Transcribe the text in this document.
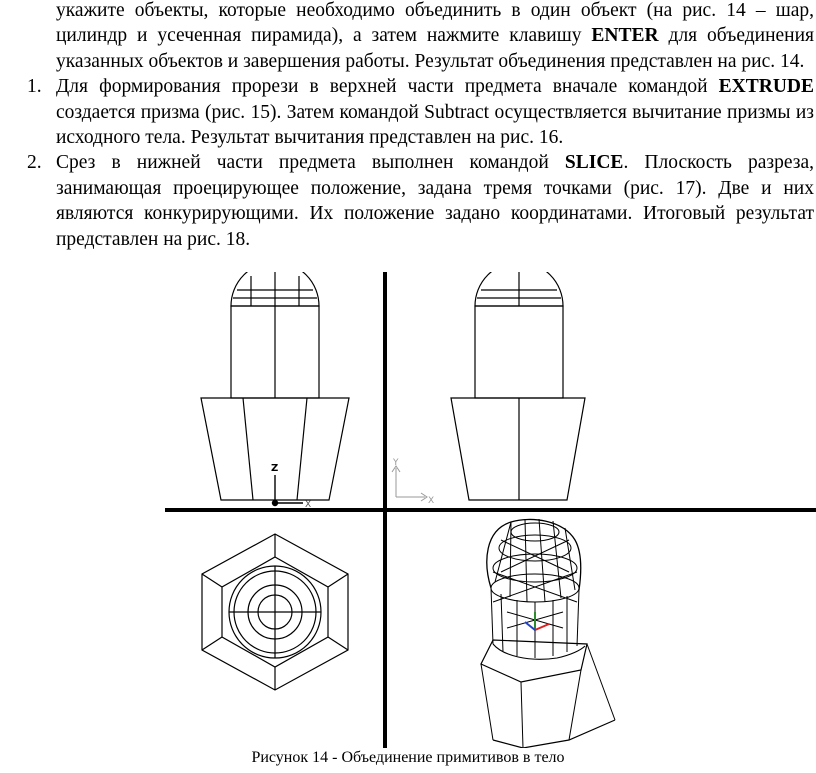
укажите объекты, которые необходимо объединить в один объект (на рис. 14 – шар, цилиндр и усеченная пирамида), а затем нажмите клавишу ENTER для объединения указанных объектов и завершения работы. Результат объединения представлен на рис. 14.

1. Для формирования прорези в верхней части предмета вначале командой EXTRUDE создается призма (рис. 15). Затем командой Subtract осуществляется вычитание призмы из исходного тела. Результат вычитания представлен на рис. 16.

2. Срез в нижней части предмета выполнен командой SLICE. Плоскость разреза, занимающая проецирующее положение, задана тремя точками (рис. 17). Две и них являются конкурирующими. Их положение задано координатами. Итоговый результат представлен на рис. 18.

Z
X
Y
X
Рисунок 14 - Объединение примитивов в тело
